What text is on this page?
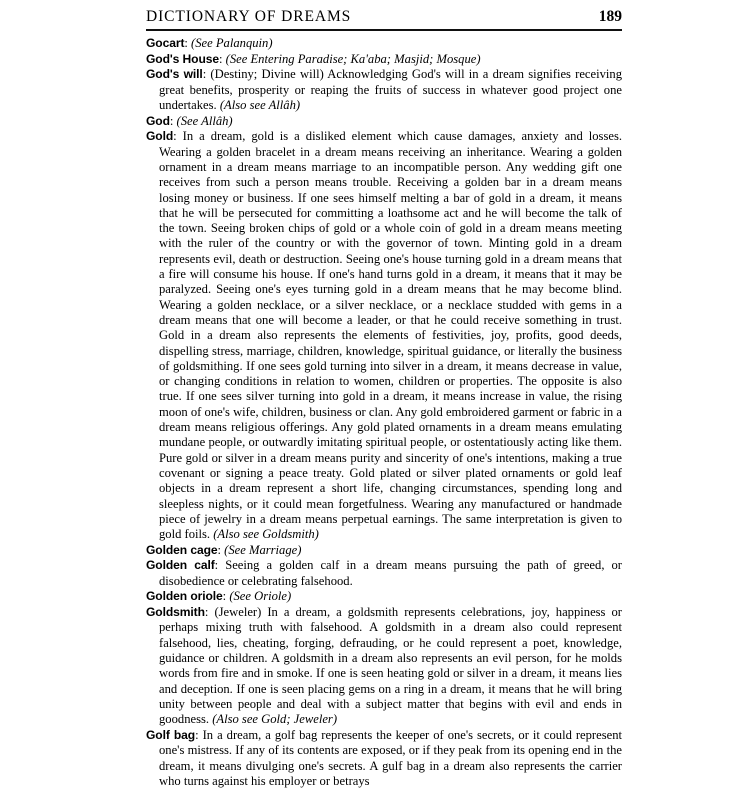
DICTIONARY OF DREAMS	189

Gocart: (See Palanquin)

God's House: (See Entering Paradise; Ka'aba; Masjid; Mosque)

God's will: (Destiny; Divine will) Acknowledging God's will in a dream signifies receiving great benefits, prosperity or reaping the fruits of success in whatever good project one undertakes. (Also see Allâh)

God: (See Allâh)

Gold: In a dream, gold is a disliked element which cause damages, anxiety and losses. Wearing a golden bracelet in a dream means receiving an inheritance. Wearing a golden ornament in a dream means marriage to an incompatible person. Any wedding gift one receives from such a person means trouble. Receiving a golden bar in a dream means losing money or business. If one sees himself melting a bar of gold in a dream, it means that he will be persecuted for committing a loathsome act and he will become the talk of the town. Seeing broken chips of gold or a whole coin of gold in a dream means meeting with the ruler of the country or with the governor of town. Minting gold in a dream represents evil, death or destruction. Seeing one's house turning gold in a dream means that a fire will consume his house. If one's hand turns gold in a dream, it means that it may be paralyzed. Seeing one's eyes turning gold in a dream means that he may become blind. Wearing a golden necklace, or a silver necklace, or a necklace studded with gems in a dream means that one will become a leader, or that he could receive something in trust. Gold in a dream also represents the elements of festivities, joy, profits, good deeds, dispelling stress, marriage, children, knowledge, spiritual guidance, or literally the business of goldsmithing. If one sees gold turning into silver in a dream, it means decrease in value, or changing conditions in relation to women, children or properties. The opposite is also true. If one sees silver turning into gold in a dream, it means increase in value, the rising moon of one's wife, children, business or clan. Any gold embroidered garment or fabric in a dream means religious offerings. Any gold plated ornaments in a dream means emulating mundane people, or outwardly imitating spiritual people, or ostentatiously acting like them. Pure gold or silver in a dream means purity and sincerity of one's intentions, making a true covenant or signing a peace treaty. Gold plated or silver plated ornaments or gold leaf objects in a dream represent a short life, changing circumstances, spending long and sleepless nights, or it could mean forgetfulness. Wearing any manufactured or handmade piece of jewelry in a dream means perpetual earnings. The same interpretation is given to gold foils. (Also see Goldsmith)

Golden cage: (See Marriage)

Golden calf: Seeing a golden calf in a dream means pursuing the path of greed, or disobedience or celebrating falsehood.

Golden oriole: (See Oriole)

Goldsmith: (Jeweler) In a dream, a goldsmith represents celebrations, joy, happiness or perhaps mixing truth with falsehood. A goldsmith in a dream also could represent falsehood, lies, cheating, forging, defrauding, or he could represent a poet, knowledge, guidance or children. A goldsmith in a dream also represents an evil person, for he molds words from fire and in smoke. If one is seen heating gold or silver in a dream, it means lies and deception. If one is seen placing gems on a ring in a dream, it means that he will bring unity between people and deal with a subject matter that begins with evil and ends in goodness. (Also see Gold; Jeweler)

Golf bag: In a dream, a golf bag represents the keeper of one's secrets, or it could represent one's mistress. If any of its contents are exposed, or if they peak from its opening end in the dream, it means divulging one's secrets. A gulf bag in a dream also represents the carrier who turns against his employer or betrays
